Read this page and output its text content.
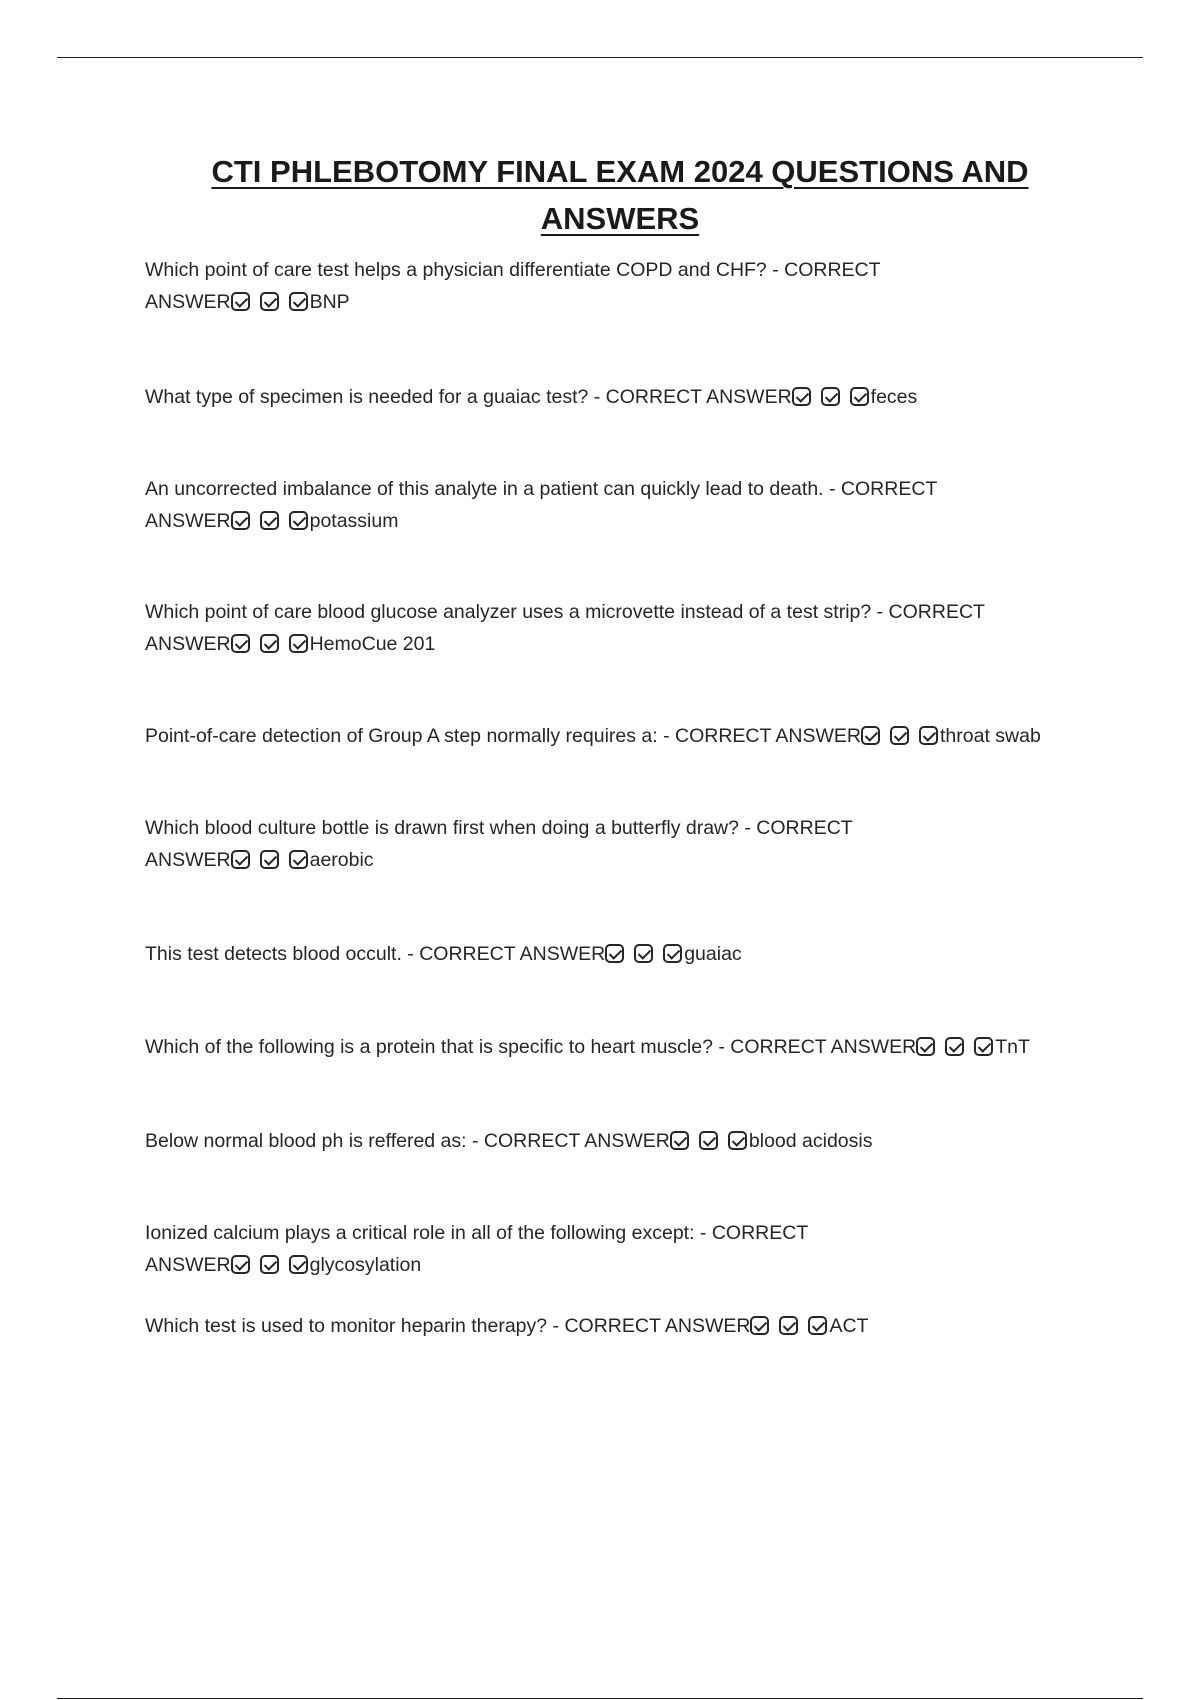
CTI PHLEBOTOMY FINAL EXAM 2024 QUESTIONS AND ANSWERS
Which point of care test helps a physician differentiate COPD and CHF? - CORRECT
ANSWER	BNP
What type of specimen is needed for a guaiac test? - CORRECT ANSWER	feces
An uncorrected imbalance of this analyte in a patient can quickly lead to death. - CORRECT
ANSWER	potassium
Which point of care blood glucose analyzer uses a microvette instead of a test strip? - CORRECT
ANSWER	HemoCue 201
Point-of-care detection of Group A step normally requires a: - CORRECT ANSWER	throat swab
Which blood culture bottle is drawn first when doing a butterfly draw? - CORRECT
ANSWER	aerobic
This test detects blood occult. - CORRECT ANSWER	guaiac
Which of the following is a protein that is specific to heart muscle? - CORRECT ANSWER	TnT
Below normal blood ph is reffered as: - CORRECT ANSWER	blood acidosis
Ionized calcium plays a critical role in all of the following except: - CORRECT
ANSWER	glycosylation
Which test is used to monitor heparin therapy? - CORRECT ANSWER	ACT
